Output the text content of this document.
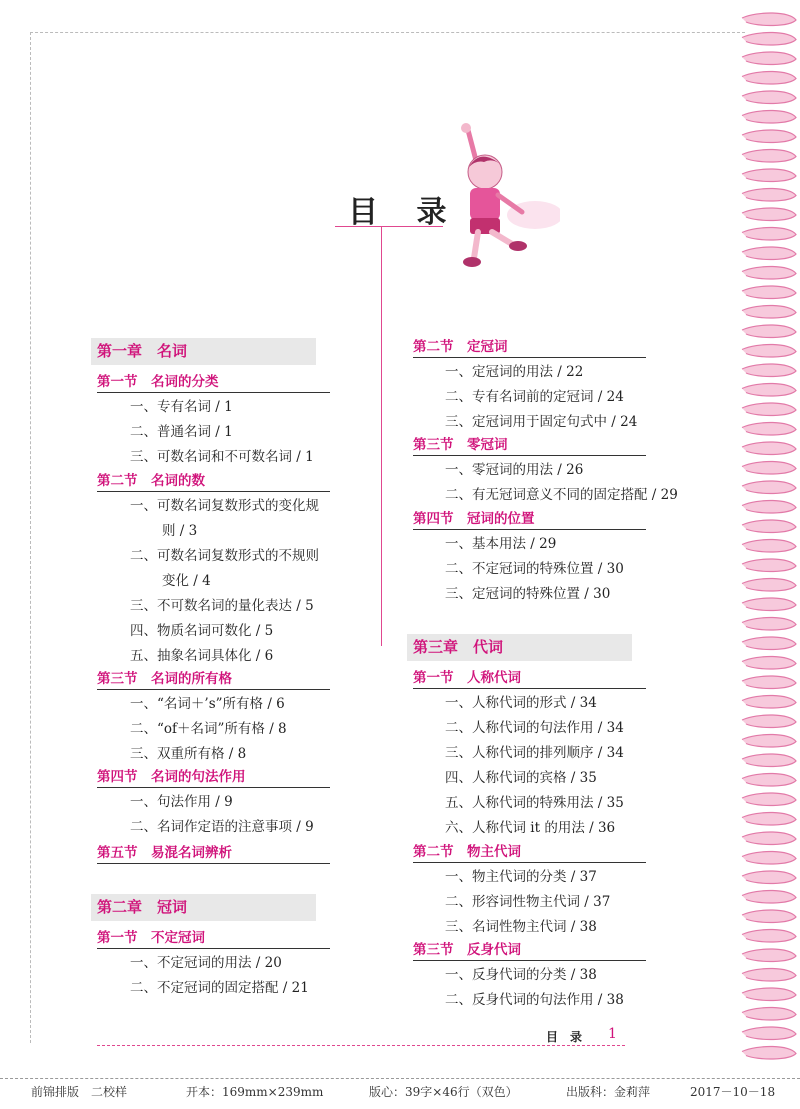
目 录
第一章　名词
第一节　名词的分类
一、专有名词 / 1
二、普通名词 / 1
三、可数名词和不可数名词 / 1
第二节　名词的数
一、可数名词复数形式的变化规
则 / 3
二、可数名词复数形式的不规则
变化 / 4
三、不可数名词的量化表达 / 5
四、物质名词可数化 / 5
五、抽象名词具体化 / 6
第三节　名词的所有格
一、“名词＋’s”所有格 / 6
二、“of＋名词”所有格 / 8
三、双重所有格 / 8
第四节　名词的句法作用
一、句法作用 / 9
二、名词作定语的注意事项 / 9
第五节　易混名词辨析
第二章　冠词
第一节　不定冠词
一、不定冠词的用法 / 20
二、不定冠词的固定搭配 / 21
第二节　定冠词
一、定冠词的用法 / 22
二、专有名词前的定冠词 / 24
三、定冠词用于固定句式中 / 24
第三节　零冠词
一、零冠词的用法 / 26
二、有无冠词意义不同的固定搭配 / 29
第四节　冠词的位置
一、基本用法 / 29
二、不定冠词的特殊位置 / 30
三、定冠词的特殊位置 / 30
第三章　代词
第一节　人称代词
一、人称代词的形式 / 34
二、人称代词的句法作用 / 34
三、人称代词的排列顺序 / 34
四、人称代词的宾格 / 35
五、人称代词的特殊用法 / 35
六、人称代词 it 的用法 / 36
第二节　物主代词
一、物主代词的分类 / 37
二、形容词性物主代词 / 37
三、名词性物主代词 / 38
第三节　反身代词
一、反身代词的分类 / 38
二、反身代词的句法作用 / 38
目　录 1
前锦排版　二校样	开本：169mm×239mm	版心：39字×46行（双色）	出版科：金莉萍	2017－10－18
